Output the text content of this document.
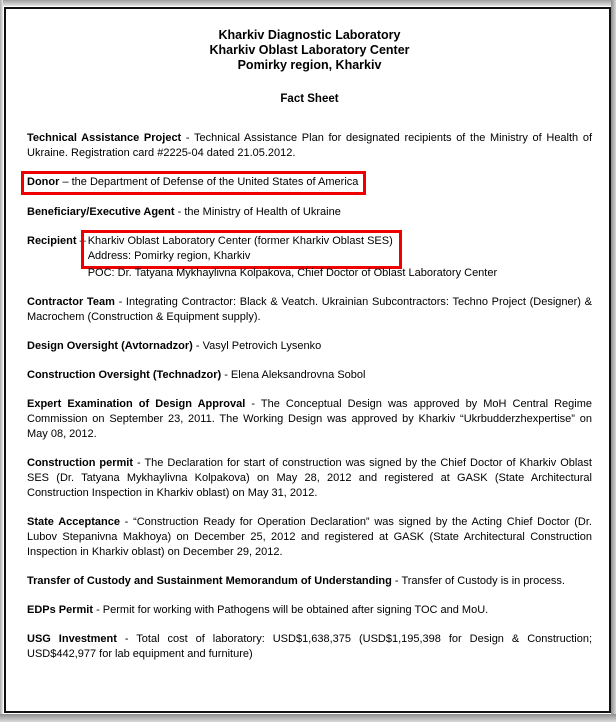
Kharkiv Diagnostic Laboratory
Kharkiv Oblast Laboratory Center
Pomirky region, Kharkiv
Fact Sheet

Technical Assistance Project - Technical Assistance Plan for designated recipients of the Ministry of Health of Ukraine. Registration card #2225-04 dated 21.05.2012.

Donor – the Department of Defense of the United States of America

Beneficiary/Executive Agent - the Ministry of Health of Ukraine

Recipient – Kharkiv Oblast Laboratory Center (former Kharkiv Oblast SES)
Address: Pomirky region, Kharkiv
POC: Dr. Tatyana Mykhaylivna Kolpakova, Chief Doctor of Oblast Laboratory Center

Contractor Team - Integrating Contractor: Black & Veatch. Ukrainian Subcontractors: Techno Project (Designer) & Macrochem (Construction & Equipment supply).

Design Oversight (Avtornadzor) - Vasyl Petrovich Lysenko

Construction Oversight (Technadzor) - Elena Aleksandrovna Sobol

Expert Examination of Design Approval - The Conceptual Design was approved by MoH Central Regime Commission on September 23, 2011. The Working Design was approved by Kharkiv “Ukrbudderzhexpertise” on May 08, 2012.

Construction permit - The Declaration for start of construction was signed by the Chief Doctor of Kharkiv Oblast SES (Dr. Tatyana Mykhaylivna Kolpakova) on May 28, 2012 and registered at GASK (State Architectural Construction Inspection in Kharkiv oblast) on May 31, 2012.

State Acceptance - “Construction Ready for Operation Declaration” was signed by the Acting Chief Doctor (Dr. Lubov Stepanivna Makhoya) on December 25, 2012 and registered at GASK (State Architectural Construction Inspection in Kharkiv oblast) on December 29, 2012.

Transfer of Custody and Sustainment Memorandum of Understanding - Transfer of Custody is in process.

EDPs Permit - Permit for working with Pathogens will be obtained after signing TOC and MoU.

USG Investment - Total cost of laboratory: USD$1,638,375 (USD$1,195,398 for Design & Construction; USD$442,977 for lab equipment and furniture)
